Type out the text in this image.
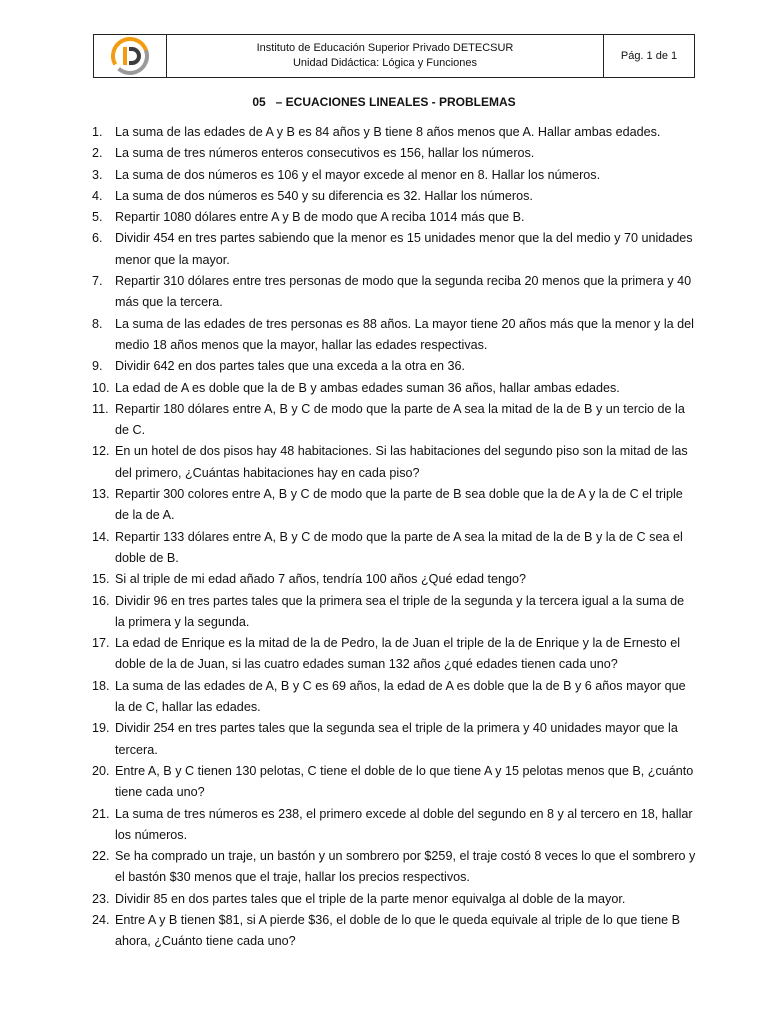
Instituto de Educación Superior Privado DETECSUR
Unidad Didáctica: Lógica y Funciones
Pág. 1 de 1
05   – ECUACIONES LINEALES - PROBLEMAS
1. La suma de las edades de A y B es 84 años y B tiene 8 años menos que A. Hallar ambas edades.
2. La suma de tres números enteros consecutivos es 156, hallar los números.
3. La suma de dos números es 106 y el mayor excede al menor en 8. Hallar los números.
4. La suma de dos números es 540 y su diferencia es 32. Hallar los números.
5. Repartir 1080 dólares entre A y B de modo que A reciba 1014 más que B.
6. Dividir 454 en tres partes sabiendo que la menor es 15 unidades menor que la del medio y 70 unidades menor que la mayor.
7. Repartir 310 dólares entre tres personas de modo que la segunda reciba 20 menos que la primera y 40 más que la tercera.
8. La suma de las edades de tres personas es 88 años. La mayor tiene 20 años más que la menor y la del medio 18 años menos que la mayor, hallar las edades respectivas.
9. Dividir 642 en dos partes tales que una exceda a la otra en 36.
10. La edad de A es doble que la de B y ambas edades suman 36 años, hallar ambas edades.
11. Repartir 180 dólares entre A, B y C de modo que la parte de A sea la mitad de la de B y un tercio de la de C.
12. En un hotel de dos pisos hay 48 habitaciones. Si las habitaciones del segundo piso son la mitad de las del primero, ¿Cuántas habitaciones hay en cada piso?
13. Repartir 300 colores entre A, B y C de modo que la parte de B sea doble que la de A y la de C el triple de la de A.
14. Repartir 133 dólares entre A, B y C de modo que la parte de A sea la mitad de la de B y la de C sea el doble de B.
15. Si al triple de mi edad añado 7 años, tendría 100 años ¿Qué edad tengo?
16. Dividir 96 en tres partes tales que la primera sea el triple de la segunda y la tercera igual a la suma de la primera y la segunda.
17. La edad de Enrique es la mitad de la de Pedro, la de Juan el triple de la de Enrique y la de Ernesto el doble de la de Juan, si las cuatro edades suman 132 años ¿qué edades tienen cada uno?
18. La suma de las edades de A, B y C es 69 años, la edad de A es doble que la de B y 6 años mayor que la de C, hallar las edades.
19. Dividir 254 en tres partes tales que la segunda sea el triple de la primera y 40 unidades mayor que la tercera.
20. Entre A, B y C tienen 130 pelotas, C tiene el doble de lo que tiene A y 15 pelotas menos que B, ¿cuánto tiene cada uno?
21. La suma de tres números es 238, el primero excede al doble del segundo en 8 y al tercero en 18, hallar los números.
22. Se ha comprado un traje, un bastón y un sombrero por $259, el traje costó 8 veces lo que el sombrero y el bastón $30 menos que el traje, hallar los precios respectivos.
23. Dividir 85 en dos partes tales que el triple de la parte menor equivalga al doble de la mayor.
24. Entre A y B tienen $81, si A pierde $36, el doble de lo que le queda equivale al triple de lo que tiene B ahora, ¿Cuánto tiene cada uno?
